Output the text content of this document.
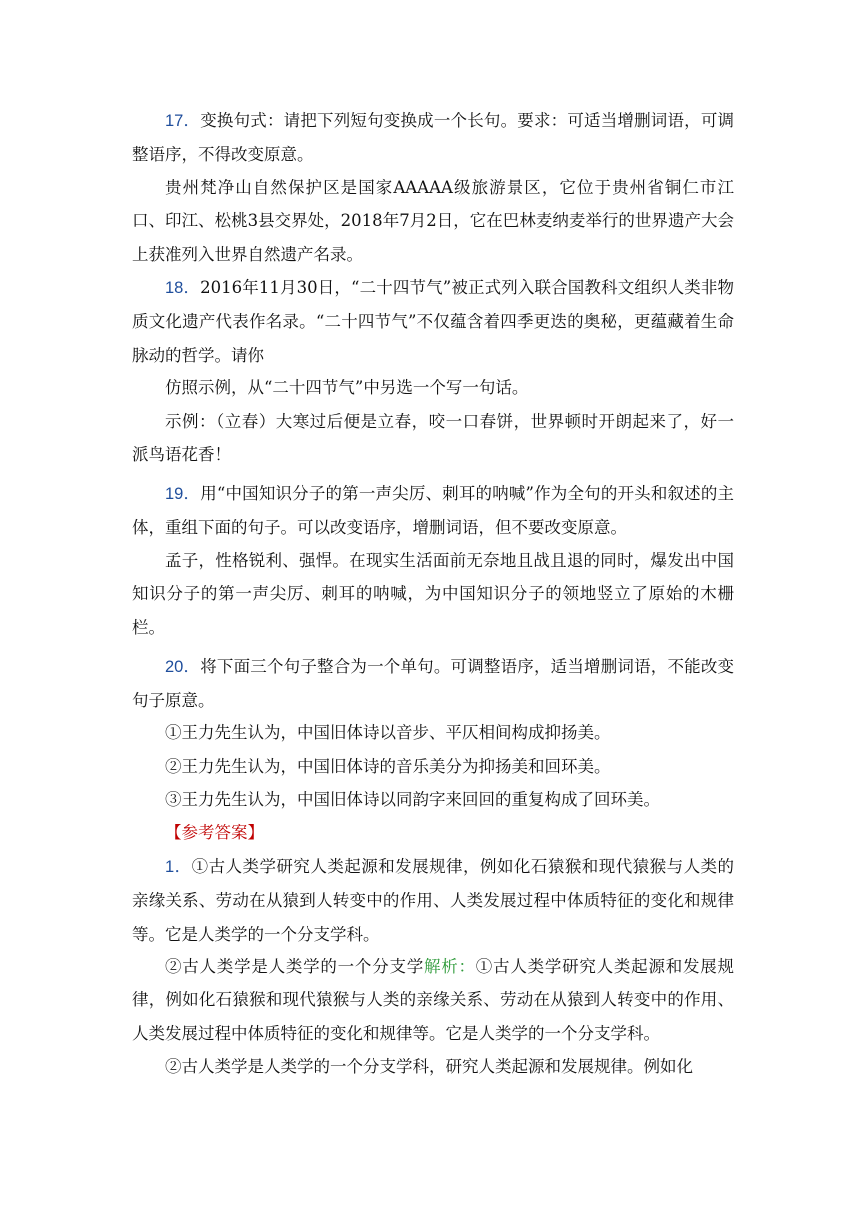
17．变换句式：请把下列短句变换成一个长句。要求：可适当增删词语，可调整语序，不得改变原意。
贵州梵净山自然保护区是国家AAAAA级旅游景区，它位于贵州省铜仁市江口、印江、松桃3县交界处，2018年7月2日，它在巴林麦纳麦举行的世界遗产大会上获准列入世界自然遗产名录。
18．2016年11月30日，“二十四节气”被正式列入联合国教科文组织人类非物质文化遗产代表作名录。“二十四节气”不仅蕴含着四季更迭的奥秘，更蕴藏着生命脉动的哲学。请你
仿照示例，从“二十四节气”中另选一个写一句话。
示例：（立春）大寒过后便是立春，咬一口春饼，世界顿时开朗起来了，好一派鸟语花香！
19．用“中国知识分子的第一声尖厉、刺耳的呐喊”作为全句的开头和叙述的主体，重组下面的句子。可以改变语序，增删词语，但不要改变原意。
孟子，性格锐利、强悍。在现实生活面前无奈地且战且退的同时，爆发出中国知识分子的第一声尖厉、刺耳的呐喊，为中国知识分子的领地竖立了原始的木栅栏。
20．将下面三个句子整合为一个单句。可调整语序，适当增删词语，不能改变句子原意。
①王力先生认为，中国旧体诗以音步、平仄相间构成抑扬美。
②王力先生认为，中国旧体诗的音乐美分为抑扬美和回环美。
③王力先生认为，中国旧体诗以同韵字来回回的重复构成了回环美。
【参考答案】
1．①古人类学研究人类起源和发展规律，例如化石猿猴和现代猿猴与人类的亲缘关系、劳动在从猿到人转变中的作用、人类发展过程中体质特征的变化和规律等。它是人类学的一个分支学科。
②古人类学是人类学的一个分支学解析：①古人类学研究人类起源和发展规律，例如化石猿猴和现代猿猴与人类的亲缘关系、劳动在从猿到人转变中的作用、人类发展过程中体质特征的变化和规律等。它是人类学的一个分支学科。
②古人类学是人类学的一个分支学科，研究人类起源和发展规律。例如化
